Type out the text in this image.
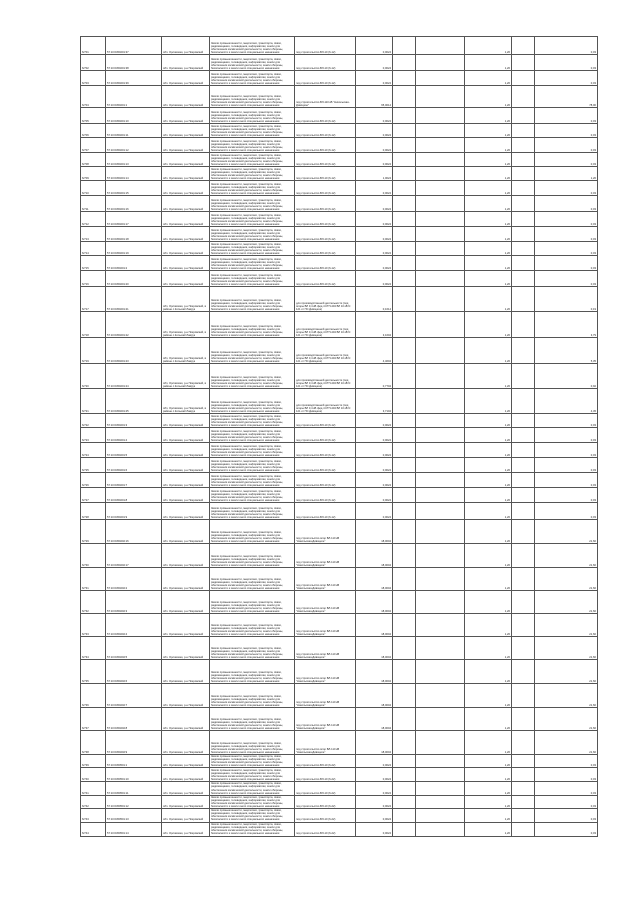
6/701	57:10:0450201:37	обл. Орловская, р-н Покровский	Земли промышленности, энергетики, транспорта, связи, радиовещания, телевидения, информатики, земли для обеспечения космической деятельности, земли обороны, безопасности и земли иного специального назначения	под строительство ВЛ-10 (6-12)	0,0024			1,20		0,03
6/702	57:10:0450201:38	обл. Орловская, р-н Покровский	Земли промышленности, энергетики, транспорта, связи, радиовещания, телевидения, информатики, земли для обеспечения космической деятельности, земли обороны, безопасности и земли иного специального назначения	под строительство ВЛ-10 (6-12)	0,0024			1,20		0,03
6/703	57:10:0450201:39	обл. Орловская, р-н Покровский	Земли промышленности, энергетики, транспорта, связи, радиовещания, телевидения, информатики, земли для обеспечения космической деятельности, земли обороны, безопасности и земли иного специального назначения	под строительство ВЛ-10 (6-12)	0,0024			1,20		0,03
6/704	57:10:0450201:1	обл. Орловская, р-н Покровский	Земли промышленности, энергетики, транспорта, связи, радиовещания, телевидения, информатики, земли для обеспечения космической деятельности, земли обороны, безопасности и земли иного специального назначения	под строительство ВЛ-110 кВ "Никольская-Дивоцкое"	65,0014			1,20		78,00
6/705	57:10:0450201:10	обл. Орловская, р-н Покровский	Земли промышленности, энергетики, транспорта, связи, радиовещания, телевидения, информатики, земли для обеспечения космической деятельности, земли обороны, безопасности и земли иного специального назначения	под строительство ВЛ-10 (6-12)	0,0024			1,20		0,03
6/706	57:10:0450201:11	обл. Орловская, р-н Покровский	Земли промышленности, энергетики, транспорта, связи, радиовещания, телевидения, информатики, земли для обеспечения космической деятельности, земли обороны, безопасности и земли иного специального назначения	под строительство ВЛ-10 (6-12)	0,0024			1,20		0,03
6/707	57:10:0450201:12	обл. Орловская, р-н Покровский	Земли промышленности, энергетики, транспорта, связи, радиовещания, телевидения, информатики, земли для обеспечения космической деятельности, земли обороны, безопасности и земли иного специального назначения	под строительство ВЛ-10 (6-12)	0,0024			1,20		0,03
6/708	57:10:0450201:13	обл. Орловская, р-н Покровский	Земли промышленности, энергетики, транспорта, связи, радиовещания, телевидения, информатики, земли для обеспечения космической деятельности, земли обороны, безопасности и земли иного специального назначения	под строительство ВЛ-10 (6-12)	0,0024			1,20		0,03
6/709	57:10:0450201:14	обл. Орловская, р-н Покровский	Земли промышленности, энергетики, транспорта, связи, радиовещания, телевидения, информатики, земли для обеспечения космической деятельности, земли обороны, безопасности и земли иного специального назначения	под строительство ВЛ-10 (6-12)	1,0024			1,20		1,20
6/710	57:10:0450201:15	обл. Орловская, р-н Покровский	Земли промышленности, энергетики, транспорта, связи, радиовещания, телевидения, информатики, земли для обеспечения космической деятельности, земли обороны, безопасности и земли иного специального назначения	под строительство ВЛ-10 (6-12)	0,0024			1,20		0,03
6/711	57:10:0450201:16	обл. Орловская, р-н Покровский	Земли промышленности, энергетики, транспорта, связи, радиовещания, телевидения, информатики, земли для обеспечения космической деятельности, земли обороны, безопасности и земли иного специального назначения	под строительство ВЛ-10 (6-12)	0,0024			1,20		0,03
6/712	57:10:0450201:17	обл. Орловская, р-н Покровский	Земли промышленности, энергетики, транспорта, связи, радиовещания, телевидения, информатики, земли для обеспечения космической деятельности, земли обороны, безопасности и земли иного специального назначения	под строительство ВЛ-10 (6-12)	0,0024			1,20		0,03
6/713	57:10:0450201:18	обл. Орловская, р-н Покровский	Земли промышленности, энергетики, транспорта, связи, радиовещания, телевидения, информатики, земли для обеспечения космической деятельности, земли обороны, безопасности и земли иного специального назначения	под строительство ВЛ-10 (6-12)	0,0024			1,20		0,03
6/714	57:10:0450201:19	обл. Орловская, р-н Покровский	Земли промышленности, энергетики, транспорта, связи, радиовещания, телевидения, информатики, земли для обеспечения космической деятельности, земли обороны, безопасности и земли иного специального назначения	под строительство ВЛ-10 (6-12)	0,0024			1,20		0,03
6/715	57:10:0450201:2	обл. Орловская, р-н Покровский	Земли промышленности, энергетики, транспорта, связи, радиовещания, телевидения, информатики, земли для обеспечения космической деятельности, земли обороны, безопасности и земли иного специального назначения	под строительство ВЛ-10 (6-12)	0,0024			1,20		0,03
6/716	57:10:0450201:20	обл. Орловская, р-н Покровский	Земли промышленности, энергетики, транспорта, связи, радиовещания, телевидения, информатики, земли для обеспечения космической деятельности, земли обороны, безопасности и земли иного специального назначения	под строительство ВЛ-10 (6-12)	0,0024			1,20		0,03
6/717	57:10:0450201:21	обл. Орловская, р-н Покровский, в районе с.Колыхай Лаврук	Земли промышленности, энергетики, транспорта, связи, радиовещания, телевидения, информатики, земли для обеспечения космической деятельности, земли обороны, безопасности и земли иного специального назначения	для производственной деятельности (под опоры ВЛ 0,4 кВ фид.4 КТП-404 ВЛ 10 кВ N 121 от ПС Дивоцкое)	0,1614			1,20		0,19
6/718	57:10:0450201:22	обл. Орловская, р-н Покровский, в районе с.Колыхай Лаврук	Земли промышленности, энергетики, транспорта, связи, радиовещания, телевидения, информатики, земли для обеспечения космической деятельности, земли обороны, безопасности и земли иного специального назначения	для производственной деятельности (под опоры ВЛ 0,4 кВ фид.4 КТП-404 ВЛ 10 кВ N 121 от ПС Дивоцкое)	3,1604			1,20		3,79
6/719	57:10:0450201:23	обл. Орловская, р-н Покровский, в районе с.Колыхай Лаврук	Земли промышленности, энергетики, транспорта, связи, радиовещания, телевидения, информатики, земли для обеспечения космической деятельности, земли обороны, безопасности и земли иного специального назначения	для производственной деятельности (под опоры ВЛ 0,4 кВ фид.4 КТП-404 ВЛ 10 кВ N 121 от ПС Дивоцкое)	4,4604			1,20		5,35
6/720	57:10:0450201:24	обл. Орловская, р-н Покровский, в районе с.Колыхай Лаврук	Земли промышленности, энергетики, транспорта, связи, радиовещания, телевидения, информатики, земли для обеспечения космической деятельности, земли обороны, безопасности и земли иного специального назначения	для производственной деятельности (под опоры ВЛ 0,4 кВ фид.4 КТП-404 ВЛ 10 кВ N 121 от ПС Дивоцкое)	0,7704			1,20		0,92
6/721	57:10:0450201:25	обл. Орловская, р-н Покровский, в районе с.Колыхай Лаврук	Земли промышленности, энергетики, транспорта, связи, радиовещания, телевидения, информатики, земли для обеспечения космической деятельности, земли обороны, безопасности и земли иного специального назначения	для производственной деятельности (под опоры ВЛ 0,4 кВ фид.4 КТП-404 ВЛ 10 кВ N 121 от ПС Дивоцкое)	3,7104			1,20		4,45
6/722	57:10:0450201:3	обл. Орловская, р-н Покровский	Земли промышленности, энергетики, транспорта, связи, радиовещания, телевидения, информатики, земли для обеспечения космической деятельности, земли обороны, безопасности и земли иного специального назначения	под строительство ВЛ-10 (6-12)	0,0024			1,20		0,03
6/723	57:10:0450201:4	обл. Орловская, р-н Покровский	Земли промышленности, энергетики, транспорта, связи, радиовещания, телевидения, информатики, земли для обеспечения космической деятельности, земли обороны, безопасности и земли иного специального назначения	под строительство ВЛ-10 (6-12)	0,0024			1,20		0,03
6/724	57:10:0450201:5	обл. Орловская, р-н Покровский	Земли промышленности, энергетики, транспорта, связи, радиовещания, телевидения, информатики, земли для обеспечения космической деятельности, земли обороны, безопасности и земли иного специального назначения	под строительство ВЛ-10 (6-12)	0,0024			1,20		0,03
6/725	57:10:0450201:6	обл. Орловская, р-н Покровский	Земли промышленности, энергетики, транспорта, связи, радиовещания, телевидения, информатики, земли для обеспечения космической деятельности, земли обороны, безопасности и земли иного специального назначения	под строительство ВЛ-10 (6-12)	0,0024			1,20		0,03
6/726	57:10:0450201:7	обл. Орловская, р-н Покровский	Земли промышленности, энергетики, транспорта, связи, радиовещания, телевидения, информатики, земли для обеспечения космической деятельности, земли обороны, безопасности и земли иного специального назначения	под строительство ВЛ-10 (6-12)	0,0024			1,20		0,03
6/727	57:10:0450201:8	обл. Орловская, р-н Покровский	Земли промышленности, энергетики, транспорта, связи, радиовещания, телевидения, информатики, земли для обеспечения космической деятельности, земли обороны, безопасности и земли иного специального назначения	под строительство ВЛ-10 (6-12)	0,0024			1,20		0,03
6/728	57:10:0450201:9	обл. Орловская, р-н Покровский	Земли промышленности, энергетики, транспорта, связи, радиовещания, телевидения, информатики, земли для обеспечения космической деятельности, земли обороны, безопасности и земли иного специального назначения	под строительство ВЛ-10 (6-12)	0,0024			1,20		0,03
6/729	57:10:0450202:16	обл. Орловская, р-н Покровский	Земли промышленности, энергетики, транспорта, связи, радиовещания, телевидения, информатики, земли для обеспечения космической деятельности, земли обороны, безопасности и земли иного специального назначения	под строительство опор ВЛ-110 кВ "Никольская-Дивоцкое"	18,0004			1,20		21,60
6/730	57:10:0450202:17	обл. Орловская, р-н Покровский	Земли промышленности, энергетики, транспорта, связи, радиовещания, телевидения, информатики, земли для обеспечения космической деятельности, земли обороны, безопасности и земли иного специального назначения	под строительство опор ВЛ-110 кВ "Никольская-Дивоцкое"	18,0004			1,20		21,60
6/731	57:10:0450202:2	обл. Орловская, р-н Покровский	Земли промышленности, энергетики, транспорта, связи, радиовещания, телевидения, информатики, земли для обеспечения космической деятельности, земли обороны, безопасности и земли иного специального назначения	под строительство опор ВЛ-110 кВ "Никольская-Дивоцкое"	18,0004			1,20		21,60
6/732	57:10:0450202:3	обл. Орловская, р-н Покровский	Земли промышленности, энергетики, транспорта, связи, радиовещания, телевидения, информатики, земли для обеспечения космической деятельности, земли обороны, безопасности и земли иного специального назначения	под строительство опор ВЛ-110 кВ "Никольская-Дивоцкое"	18,0004			1,20		21,60
6/733	57:10:0450202:4	обл. Орловская, р-н Покровский	Земли промышленности, энергетики, транспорта, связи, радиовещания, телевидения, информатики, земли для обеспечения космической деятельности, земли обороны, безопасности и земли иного специального назначения	под строительство опор ВЛ-110 кВ "Никольская-Дивоцкое"	18,0004			1,20		21,60
6/734	57:10:0450202:5	обл. Орловская, р-н Покровский	Земли промышленности, энергетики, транспорта, связи, радиовещания, телевидения, информатики, земли для обеспечения космической деятельности, земли обороны, безопасности и земли иного специального назначения	под строительство опор ВЛ-110 кВ "Никольская-Дивоцкое"	18,0004			1,20		21,60
6/735	57:10:0450202:6	обл. Орловская, р-н Покровский	Земли промышленности, энергетики, транспорта, связи, радиовещания, телевидения, информатики, земли для обеспечения космической деятельности, земли обороны, безопасности и земли иного специального назначения	под строительство опор ВЛ-110 кВ "Никольская-Дивоцкое"	18,0004			1,20		21,60
6/736	57:10:0450202:7	обл. Орловская, р-н Покровский	Земли промышленности, энергетики, транспорта, связи, радиовещания, телевидения, информатики, земли для обеспечения космической деятельности, земли обороны, безопасности и земли иного специального назначения	под строительство опор ВЛ-110 кВ "Никольская-Дивоцкое"	18,0004			1,20		21,60
6/737	57:10:0450202:8	обл. Орловская, р-н Покровский	Земли промышленности, энергетики, транспорта, связи, радиовещания, телевидения, информатики, земли для обеспечения космической деятельности, земли обороны, безопасности и земли иного специального назначения	под строительство опор ВЛ-110 кВ "Никольская-Дивоцкое"	18,0004			1,20		21,60
6/738	57:10:0450202:9	обл. Орловская, р-н Покровский	Земли промышленности, энергетики, транспорта, связи, радиовещания, телевидения, информатики, земли для обеспечения космической деятельности, земли обороны, безопасности и земли иного специального назначения	под строительство опор ВЛ-110 кВ "Никольская-Дивоцкое"	18,0004			1,20		21,60
6/739	57:10:0450501:1	обл. Орловская, р-н Покровский	Земли промышленности, энергетики, транспорта, связи, радиовещания, телевидения, информатики, земли для обеспечения космической деятельности, земли обороны, безопасности и земли иного специального назначения	под строительство ВЛ-10 (6-22)	0,0024			1,20		0,03
6/740	57:10:0450501:10	обл. Орловская, р-н Покровский	Земли промышленности, энергетики, транспорта, связи, радиовещания, телевидения, информатики, земли для обеспечения космической деятельности, земли обороны, безопасности и земли иного специального назначения	под строительство ВЛ-10 (6-22)	0,0024			1,20		0,03
6/741	57:10:0450501:11	обл. Орловская, р-н Покровский	Земли промышленности, энергетики, транспорта, связи, радиовещания, телевидения, информатики, земли для обеспечения космической деятельности, земли обороны, безопасности и земли иного специального назначения	под строительство ВЛ-10 (6-22)	0,0024			1,20		0,03
6/742	57:10:0450501:12	обл. Орловская, р-н Покровский	Земли промышленности, энергетики, транспорта, связи, радиовещания, телевидения, информатики, земли для обеспечения космической деятельности, земли обороны, безопасности и земли иного специального назначения	под строительство ВЛ-10 (6-22)	0,0024			1,20		0,03
6/743	57:10:0450501:13	обл. Орловская, р-н Покровский	Земли промышленности, энергетики, транспорта, связи, радиовещания, телевидения, информатики, земли для обеспечения космической деятельности, земли обороны, безопасности и земли иного специального назначения	под строительство ВЛ-10 (6-22)	0,0024			1,20		0,03
6/744	57:10:0450501:14	обл. Орловская, р-н Покровский	Земли промышленности, энергетики, транспорта, связи, радиовещания, телевидения, информатики, земли для обеспечения космической деятельности, земли обороны, безопасности и земли иного специального назначения	под строительство ВЛ-10 (6-22)	0,0024			1,20		0,03
